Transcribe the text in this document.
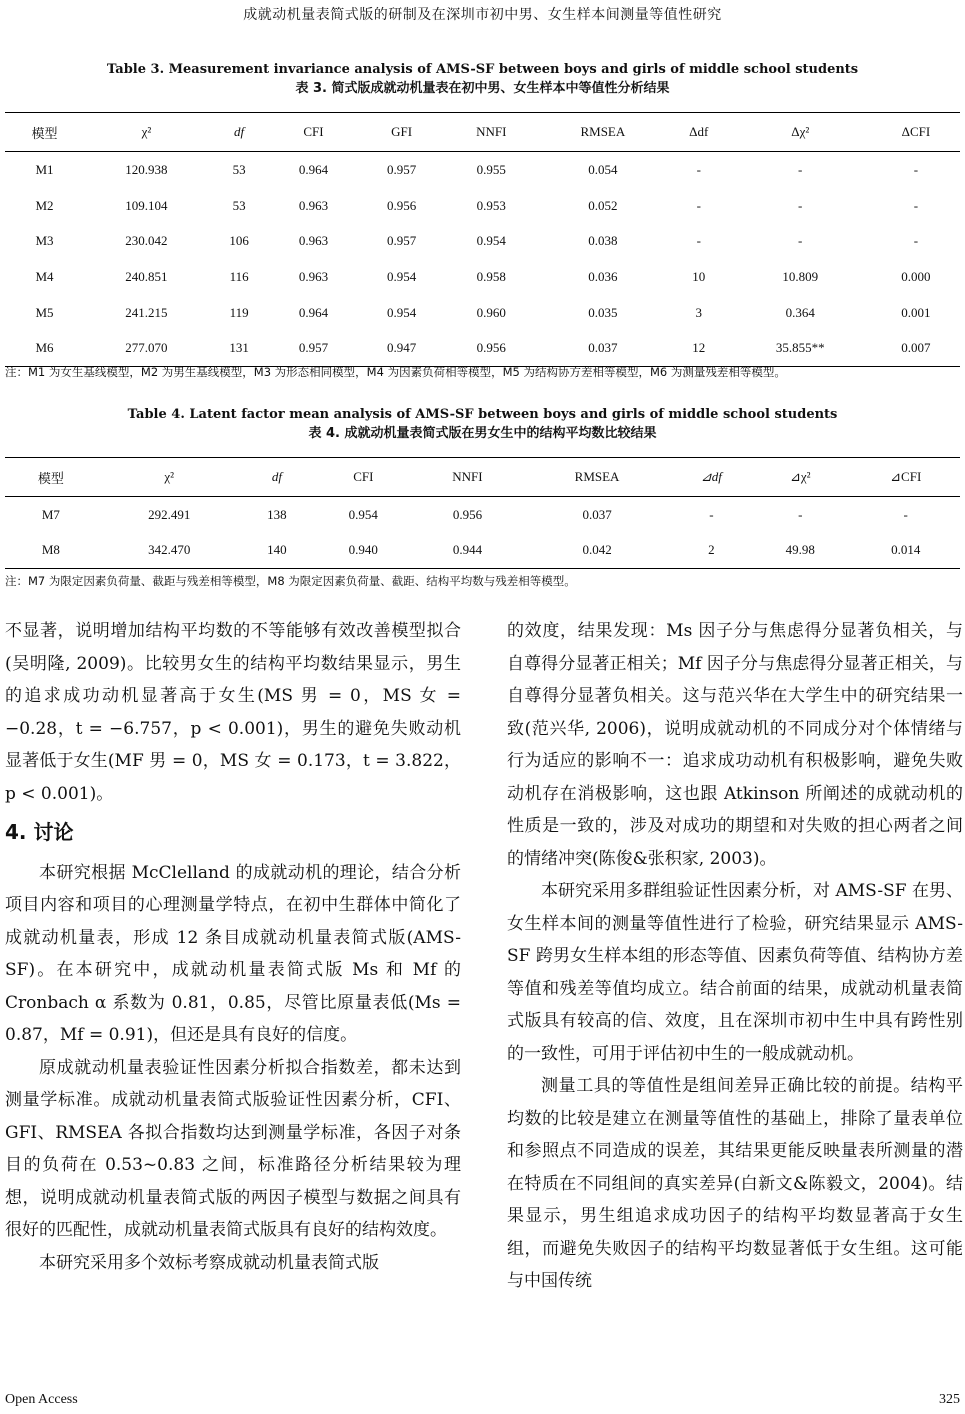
成就动机量表简式版的研制及在深圳市初中男、女生样本间测量等值性研究
Table 3. Measurement invariance analysis of AMS-SF between boys and girls of middle school students
表 3. 简式版成就动机量表在初中男、女生样本中等值性分析结果
模型	χ²	df	CFI	GFI	NNFI	RMSEA	Δdf	Δχ²	ΔCFI
M1	120.938	53	0.964	0.957	0.955	0.054	-	-	-
M2	109.104	53	0.963	0.956	0.953	0.052	-	-	-
M3	230.042	106	0.963	0.957	0.954	0.038	-	-	-
M4	240.851	116	0.963	0.954	0.958	0.036	10	10.809	0.000
M5	241.215	119	0.964	0.954	0.960	0.035	3	0.364	0.001
M6	277.070	131	0.957	0.947	0.956	0.037	12	35.855**	0.007
注：M1 为女生基线模型，M2 为男生基线模型，M3 为形态相同模型，M4 为因素负荷相等模型，M5 为结构协方差相等模型，M6 为测量残差相等模型。
Table 4. Latent factor mean analysis of AMS-SF between boys and girls of middle school students
表 4. 成就动机量表简式版在男女生中的结构平均数比较结果
模型	χ²	df	CFI	NNFI	RMSEA	⊿df	⊿χ²	⊿CFI
M7	292.491	138	0.954	0.956	0.037	-	-	-
M8	342.470	140	0.940	0.944	0.042	2	49.98	0.014
注：M7 为限定因素负荷量、截距与残差相等模型，M8 为限定因素负荷量、截距、结构平均数与残差相等模型。

不显著，说明增加结构平均数的不等能够有效改善模型拟合(吴明隆, 2009)。比较男女生的结构平均数结果显示，男生的追求成功动机显著高于女生(MS 男 = 0，MS 女 = −0.28，t = −6.757，p < 0.001)，男生的避免失败动机显著低于女生(MF 男 = 0，MS 女 = 0.173，t = 3.822，p < 0.001)。

4. 讨论

本研究根据 McClelland 的成就动机的理论，结合分析项目内容和项目的心理测量学特点，在初中生群体中简化了成就动机量表，形成 12 条目成就动机量表简式版(AMS-SF)。在本研究中，成就动机量表简式版 Ms 和 Mf 的 Cronbach α 系数为 0.81，0.85，尽管比原量表低(Ms = 0.87，Mf = 0.91)，但还是具有良好的信度。

原成就动机量表验证性因素分析拟合指数差，都未达到测量学标准。成就动机量表简式版验证性因素分析，CFI、GFI、RMSEA 各拟合指数均达到测量学标准，各因子对条目的负荷在 0.53~0.83 之间，标准路径分析结果较为理想，说明成就动机量表简式版的两因子模型与数据之间具有很好的匹配性，成就动机量表简式版具有良好的结构效度。

本研究采用多个效标考察成就动机量表简式版

的效度，结果发现：Ms 因子分与焦虑得分显著负相关，与自尊得分显著正相关；Mf 因子分与焦虑得分显著正相关，与自尊得分显著负相关。这与范兴华在大学生中的研究结果一致(范兴华, 2006)，说明成就动机的不同成分对个体情绪与行为适应的影响不一：追求成功动机有积极影响，避免失败动机存在消极影响，这也跟 Atkinson 所阐述的成就动机的性质是一致的，涉及对成功的期望和对失败的担心两者之间的情绪冲突(陈俊&张积家, 2003)。

本研究采用多群组验证性因素分析，对 AMS-SF 在男、女生样本间的测量等值性进行了检验，研究结果显示 AMS-SF 跨男女生样本组的形态等值、因素负荷等值、结构协方差等值和残差等值均成立。结合前面的结果，成就动机量表简式版具有较高的信、效度，且在深圳市初中生中具有跨性别的一致性，可用于评估初中生的一般成就动机。

测量工具的等值性是组间差异正确比较的前提。结构平均数的比较是建立在测量等值性的基础上，排除了量表单位和参照点不同造成的误差，其结果更能反映量表所测量的潜在特质在不同组间的真实差异(白新文&陈毅文，2004)。结果显示，男生组追求成功因子的结构平均数显著高于女生组，而避免失败因子的结构平均数显著低于女生组。这可能与中国传统

Open Access	325
